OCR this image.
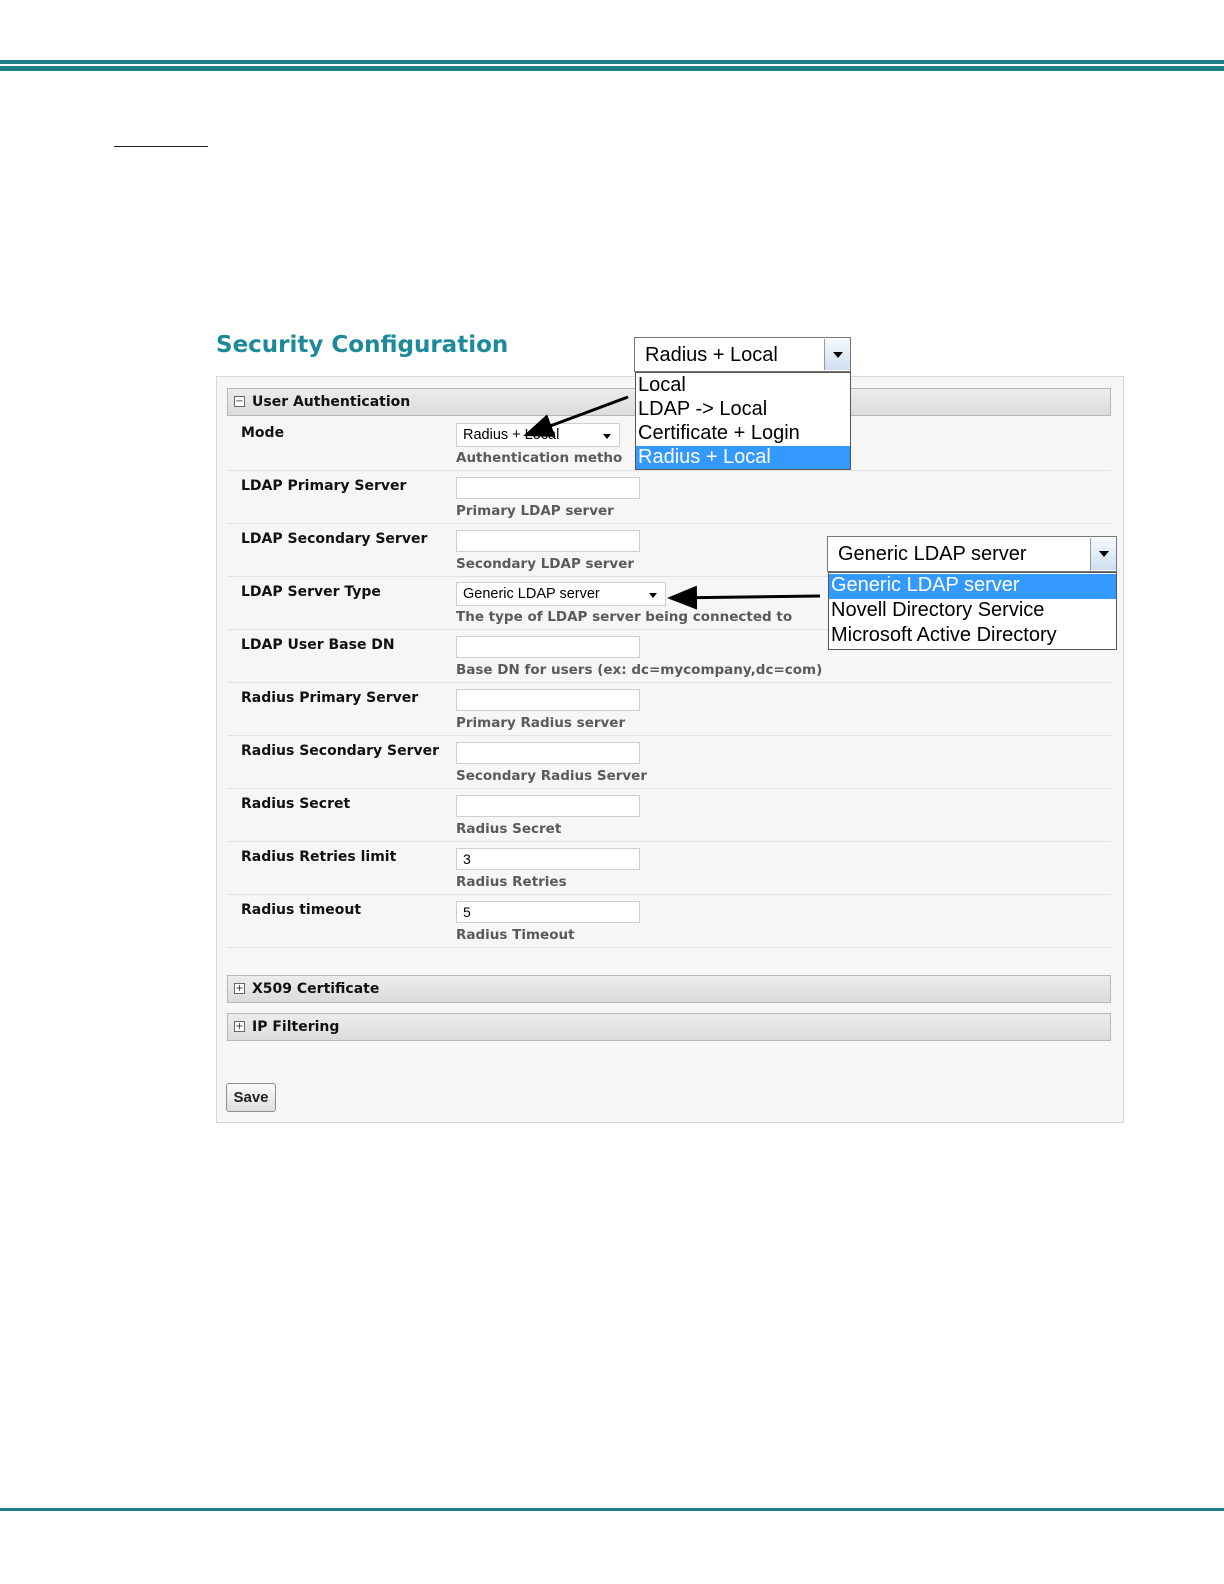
Security Configuration
− User Authentication
Mode	Radius + Local
Authentication metho
LDAP Primary Server
Primary LDAP server
LDAP Secondary Server
Secondary LDAP server
LDAP Server Type	Generic LDAP server
The type of LDAP server being connected to
LDAP User Base DN
Base DN for users (ex: dc=mycompany,dc=com)
Radius Primary Server
Primary Radius server
Radius Secondary Server
Secondary Radius Server
Radius Secret
Radius Secret
Radius Retries limit	3
Radius Retries
Radius timeout	5
Radius Timeout
+ X509 Certificate
+ IP Filtering
Save
Radius + Local
Local
LDAP -> Local
Certificate + Login
Radius + Local
Generic LDAP server
Generic LDAP server
Novell Directory Service
Microsoft Active Directory
